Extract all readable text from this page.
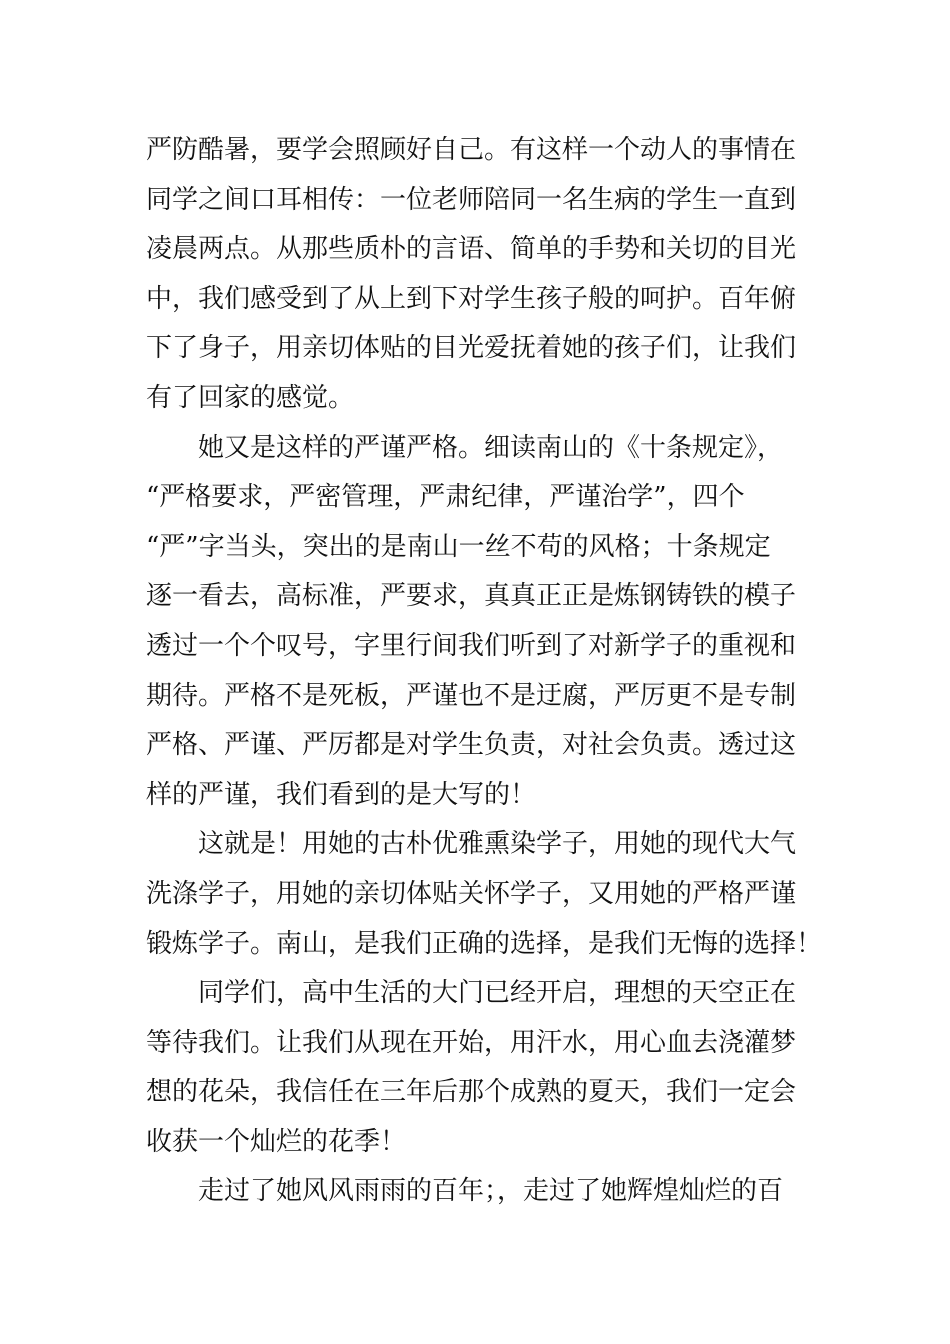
严防酷暑，要学会照顾好自己。有这样一个动人的事情在
同学之间口耳相传：一位老师陪同一名生病的学生一直到
凌晨两点。从那些质朴的言语、简单的手势和关切的目光
中，我们感受到了从上到下对学生孩子般的呵护。百年俯
下了身子，用亲切体贴的目光爱抚着她的孩子们，让我们
有了回家的感觉。
她又是这样的严谨严格。细读南山的《十条规定》，
“严格要求，严密管理，严肃纪律，严谨治学”，四个
“严”字当头，突出的是南山一丝不苟的风格；十条规定
逐一看去，高标准，严要求，真真正正是炼钢铸铁的模子
透过一个个叹号，字里行间我们听到了对新学子的重视和
期待。严格不是死板，严谨也不是迂腐，严厉更不是专制
严格、严谨、严厉都是对学生负责，对社会负责。透过这
样的严谨，我们看到的是大写的！
这就是！用她的古朴优雅熏染学子，用她的现代大气
洗涤学子，用她的亲切体贴关怀学子，又用她的严格严谨
锻炼学子。南山，是我们正确的选择，是我们无悔的选择！
同学们，高中生活的大门已经开启，理想的天空正在
等待我们。让我们从现在开始，用汗水，用心血去浇灌梦
想的花朵，我信任在三年后那个成熟的夏天，我们一定会
收获一个灿烂的花季！
走过了她风风雨雨的百年；，走过了她辉煌灿烂的百
